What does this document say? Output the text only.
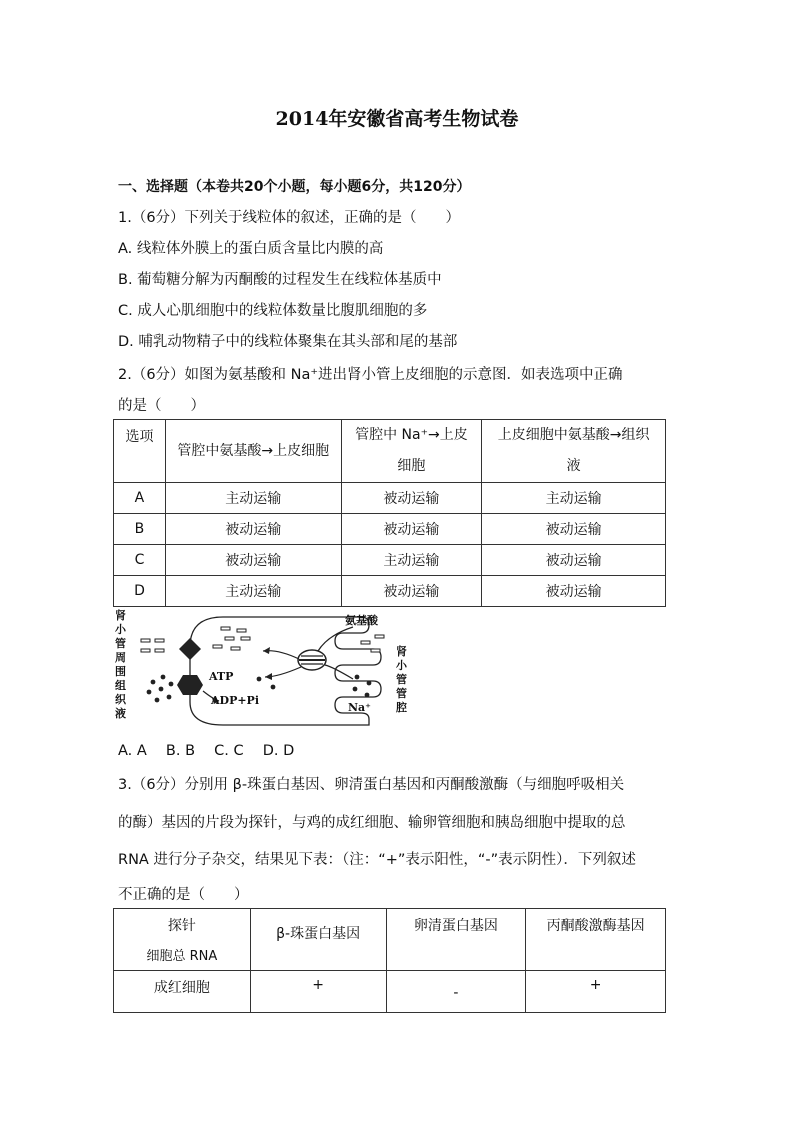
2014年安徽省高考生物试卷
一、选择题（本卷共20个小题，每小题6分，共120分）
1.（6分）下列关于线粒体的叙述，正确的是（　　）
A. 线粒体外膜上的蛋白质含量比内膜的高
B. 葡萄糖分解为丙酮酸的过程发生在线粒体基质中
C. 成人心肌细胞中的线粒体数量比腹肌细胞的多
D. 哺乳动物精子中的线粒体聚集在其头部和尾的基部
2.（6分）如图为氨基酸和 Na⁺进出肾小管上皮细胞的示意图．如表选项中正确
的是（　　）
选项	管腔中氨基酸→上皮细胞	管腔中 Na⁺→上皮细胞	上皮细胞中氨基酸→组织液
A	主动运输	被动运输	主动运输
B	被动运输	被动运输	被动运输
C	被动运输	主动运输	被动运输
D	主动运输	被动运输	被动运输
肾
小
管
周
围
组
织
液
氨基酸
ATP
ADP+Pi
Na⁺
肾
小
管
管
腔
A. A　 B. B　 C. C　 D. D
3.（6分）分别用 β-珠蛋白基因、卵清蛋白基因和丙酮酸激酶（与细胞呼吸相关
的酶）基因的片段为探针，与鸡的成红细胞、输卵管细胞和胰岛细胞中提取的总
RNA 进行分子杂交，结果见下表：（注：“+”表示阳性，“-”表示阴性）．下列叙述
不正确的是（　　）
探针
细胞总 RNA	β-珠蛋白基因	卵清蛋白基因	丙酮酸激酶基因
成红细胞	+	-	+
